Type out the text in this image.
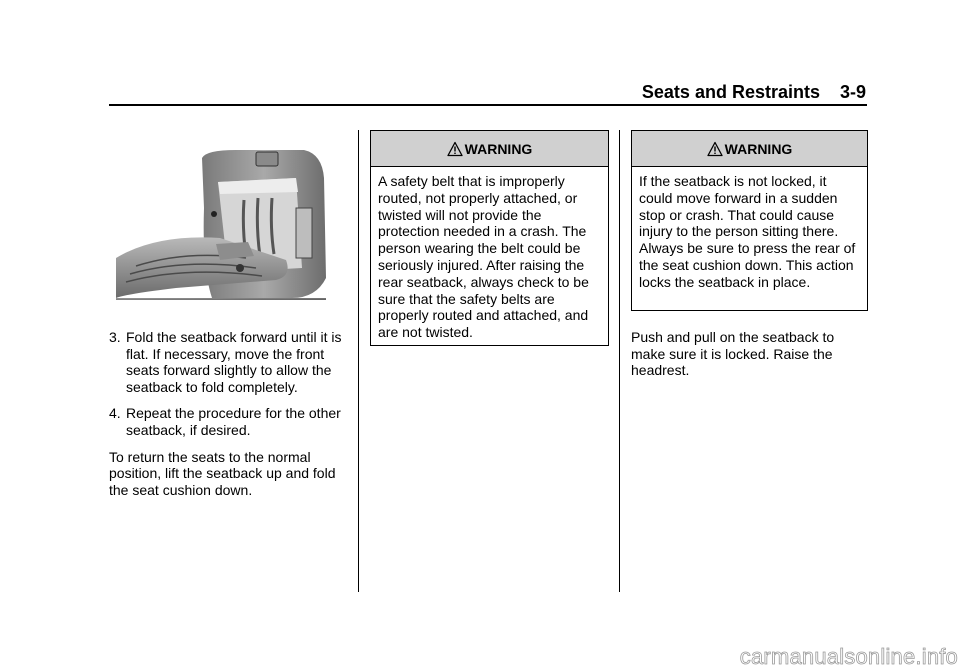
Seats and Restraints    3-9
3. Fold the seatback forward until it is flat. If necessary, move the front seats forward slightly to allow the seatback to fold completely.
4. Repeat the procedure for the other seatback, if desired.

To return the seats to the normal position, lift the seatback up and fold the seat cushion down.

WARNING
A safety belt that is improperly routed, not properly attached, or twisted will not provide the protection needed in a crash. The person wearing the belt could be seriously injured. After raising the rear seatback, always check to be sure that the safety belts are properly routed and attached, and are not twisted.
WARNING
If the seatback is not locked, it could move forward in a sudden stop or crash. That could cause injury to the person sitting there. Always be sure to press the rear of the seat cushion down. This action locks the seatback in place.

Push and pull on the seatback to make sure it is locked. Raise the headrest.

carmanualsonline.info
